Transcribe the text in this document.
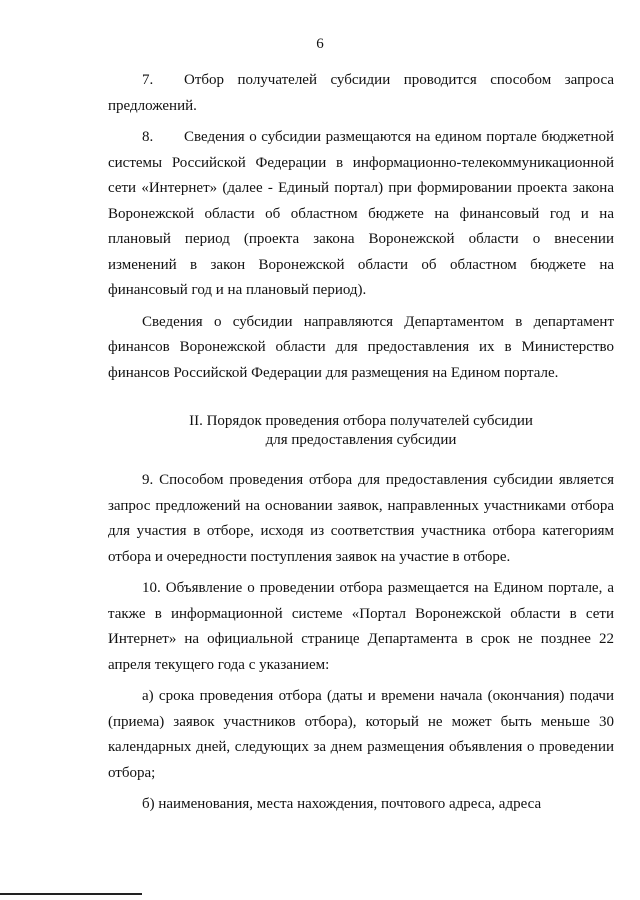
6

7. Отбор получателей субсидии проводится способом запроса предложений.

8. Сведения о субсидии размещаются на едином портале бюджетной системы Российской Федерации в информационно-телекоммуникационной сети «Интернет» (далее - Единый портал) при формировании проекта закона Воронежской области об областном бюджете на финансовый год и на плановый период (проекта закона Воронежской области о внесении изменений в закон Воронежской области об областном бюджете на финансовый год и на плановый период).

Сведения о субсидии направляются Департаментом в департамент финансов Воронежской области для предоставления их в Министерство финансов Российской Федерации для размещения на Едином портале.

II. Порядок проведения отбора получателей субсидии
для предоставления субсидии

9. Способом проведения отбора для предоставления субсидии является запрос предложений на основании заявок, направленных участниками отбора для участия в отборе, исходя из соответствия участника отбора категориям отбора и очередности поступления заявок на участие в отборе.

10. Объявление о проведении отбора размещается на Едином портале, а также в информационной системе «Портал Воронежской области в сети Интернет» на официальной странице Департамента в срок не позднее 22 апреля текущего года с указанием:

а) срока проведения отбора (даты и времени начала (окончания) подачи (приема) заявок участников отбора), который не может быть меньше 30 календарных дней, следующих за днем размещения объявления о проведении отбора;

б) наименования, места нахождения, почтового адреса, адреса
